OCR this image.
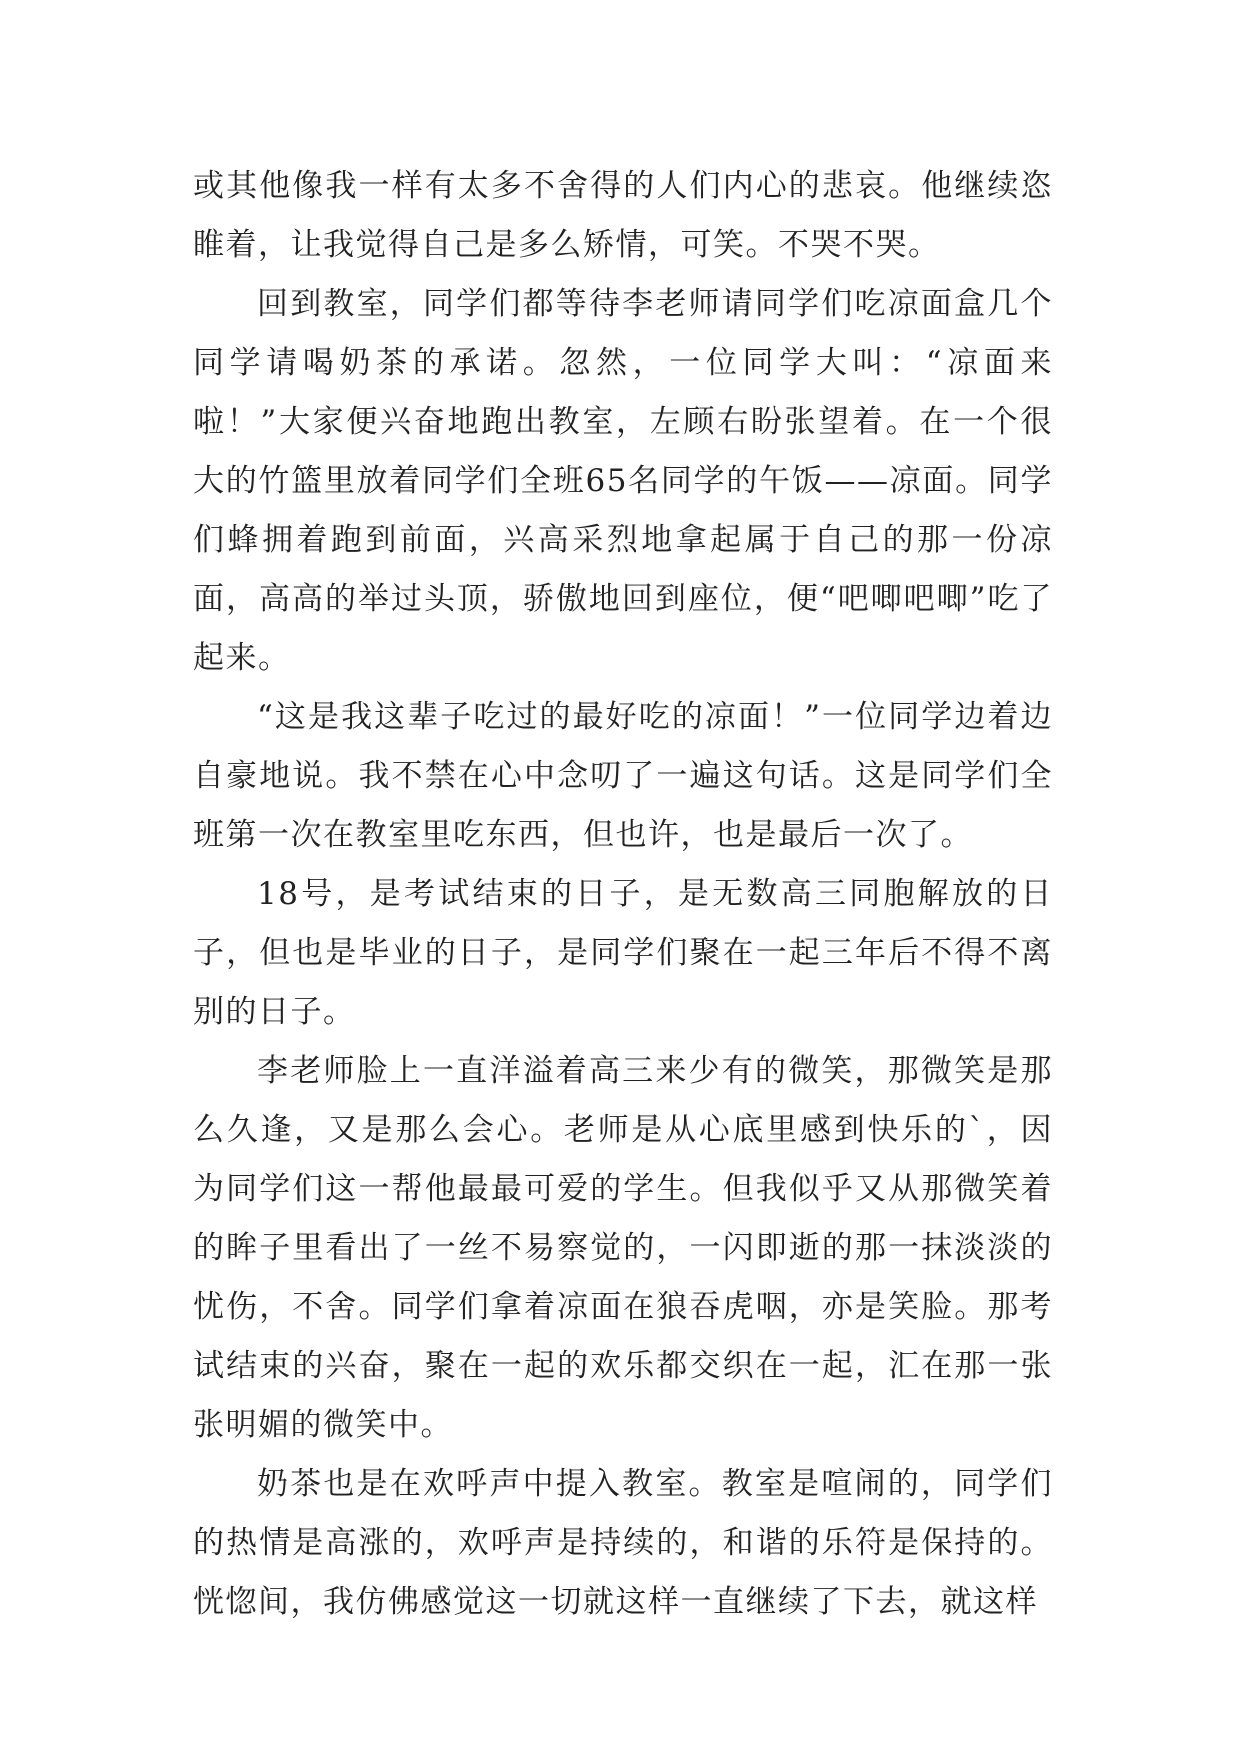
或其他像我一样有太多不舍得的人们内心的悲哀。他继续恣睢着，让我觉得自己是多么矫情，可笑。不哭不哭。

回到教室，同学们都等待李老师请同学们吃凉面盒几个同学请喝奶茶的承诺。忽然，一位同学大叫：“凉面来啦！”大家便兴奋地跑出教室，左顾右盼张望着。在一个很大的竹篮里放着同学们全班65名同学的午饭——凉面。同学们蜂拥着跑到前面，兴高采烈地拿起属于自己的那一份凉面，高高的举过头顶，骄傲地回到座位，便“吧唧吧唧”吃了起来。

“这是我这辈子吃过的最好吃的凉面！”一位同学边着边自豪地说。我不禁在心中念叨了一遍这句话。这是同学们全班第一次在教室里吃东西，但也许，也是最后一次了。

18号，是考试结束的日子，是无数高三同胞解放的日子，但也是毕业的日子，是同学们聚在一起三年后不得不离别的日子。

李老师脸上一直洋溢着高三来少有的微笑，那微笑是那么久逢，又是那么会心。老师是从心底里感到快乐的`，因为同学们这一帮他最最可爱的学生。但我似乎又从那微笑着的眸子里看出了一丝不易察觉的，一闪即逝的那一抹淡淡的忧伤，不舍。同学们拿着凉面在狼吞虎咽，亦是笑脸。那考试结束的兴奋，聚在一起的欢乐都交织在一起，汇在那一张张明媚的微笑中。

奶茶也是在欢呼声中提入教室。教室是喧闹的，同学们的热情是高涨的，欢呼声是持续的，和谐的乐符是保持的。恍惚间，我仿佛感觉这一切就这样一直继续了下去，就这样
